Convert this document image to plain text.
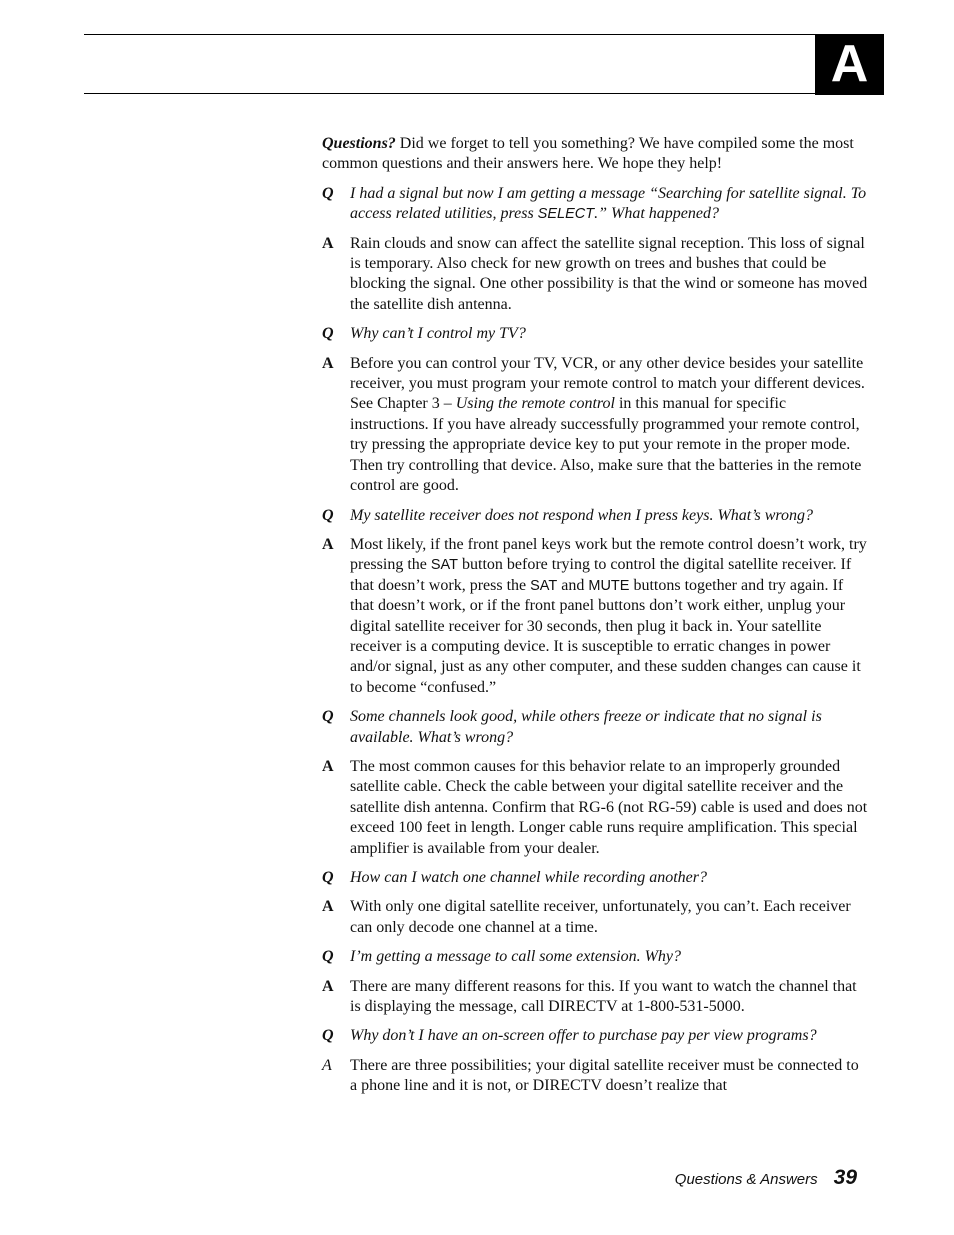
A

Questions? Did we forget to tell you something? We have compiled some the most common questions and their answers here. We hope they help!

Q	I had a signal but now I am getting a message “Searching for satellite signal. To access related utilities, press SELECT.” What happened?
A	Rain clouds and snow can affect the satellite signal reception. This loss of signal is temporary. Also check for new growth on trees and bushes that could be blocking the signal. One other possibility is that the wind or someone has moved the satellite dish antenna.
Q	Why can’t I control my TV?
A	Before you can control your TV, VCR, or any other device besides your satellite receiver, you must program your remote control to match your different devices. See Chapter 3 – Using the remote control in this manual for specific instructions. If you have already successfully programmed your remote control, try pressing the appropriate device key to put your remote in the proper mode. Then try controlling that device. Also, make sure that the batteries in the remote control are good.
Q	My satellite receiver does not respond when I press keys. What’s wrong?
A	Most likely, if the front panel keys work but the remote control doesn’t work, try pressing the SAT button before trying to control the digital satellite receiver. If that doesn’t work, press the SAT and MUTE buttons together and try again. If that doesn’t work, or if the front panel buttons don’t work either, unplug your digital satellite receiver for 30 seconds, then plug it back in. Your satellite receiver is a computing device. It is susceptible to erratic changes in power and/or signal, just as any other computer, and these sudden changes can cause it to become “confused.”
Q	Some channels look good, while others freeze or indicate that no signal is available. What’s wrong?
A	The most common causes for this behavior relate to an improperly grounded satellite cable. Check the cable between your digital satellite receiver and the satellite dish antenna. Confirm that RG-6 (not RG-59) cable is used and does not exceed 100 feet in length. Longer cable runs require amplification. This special amplifier is available from your dealer.
Q	How can I watch one channel while recording another?
A	With only one digital satellite receiver, unfortunately, you can’t. Each receiver can only decode one channel at a time.
Q	I’m getting a message to call some extension. Why?
A	There are many different reasons for this. If you want to watch the channel that is displaying the message, call DIRECTV at 1-800-531-5000.
Q	Why don’t I have an on-screen offer to purchase pay per view programs?
A	There are three possibilities; your digital satellite receiver must be connected to a phone line and it is not, or DIRECTV doesn’t realize that
Questions & Answers 39
